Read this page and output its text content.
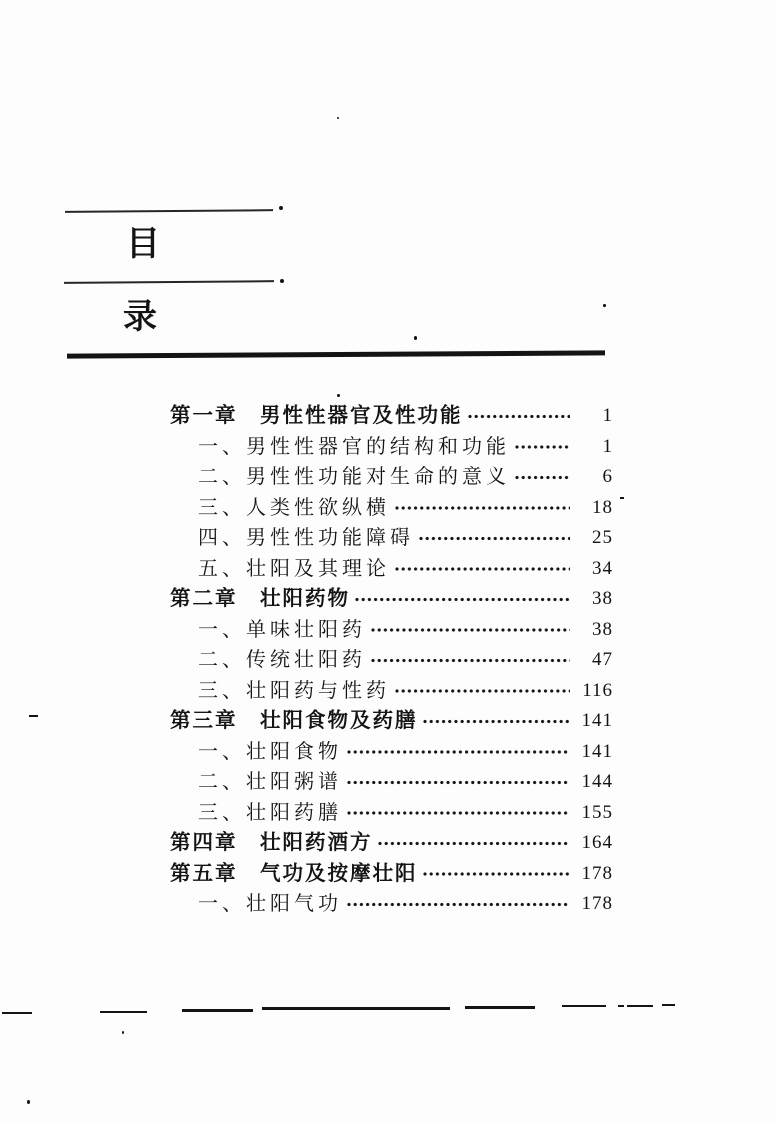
目
录
第一章　男性性器官及性功能	1
一、男性性器官的结构和功能	1
二、男性性功能对生命的意义	6
三、人类性欲纵横	18
四、男性性功能障碍	25
五、壮阳及其理论	34
第二章　壮阳药物	38
一、单味壮阳药	38
二、传统壮阳药	47
三、壮阳药与性药	116
第三章　壮阳食物及药膳	141
一、壮阳食物	141
二、壮阳粥谱	144
三、壮阳药膳	155
第四章　壮阳药酒方	164
第五章　气功及按摩壮阳	178
一、壮阳气功	178
